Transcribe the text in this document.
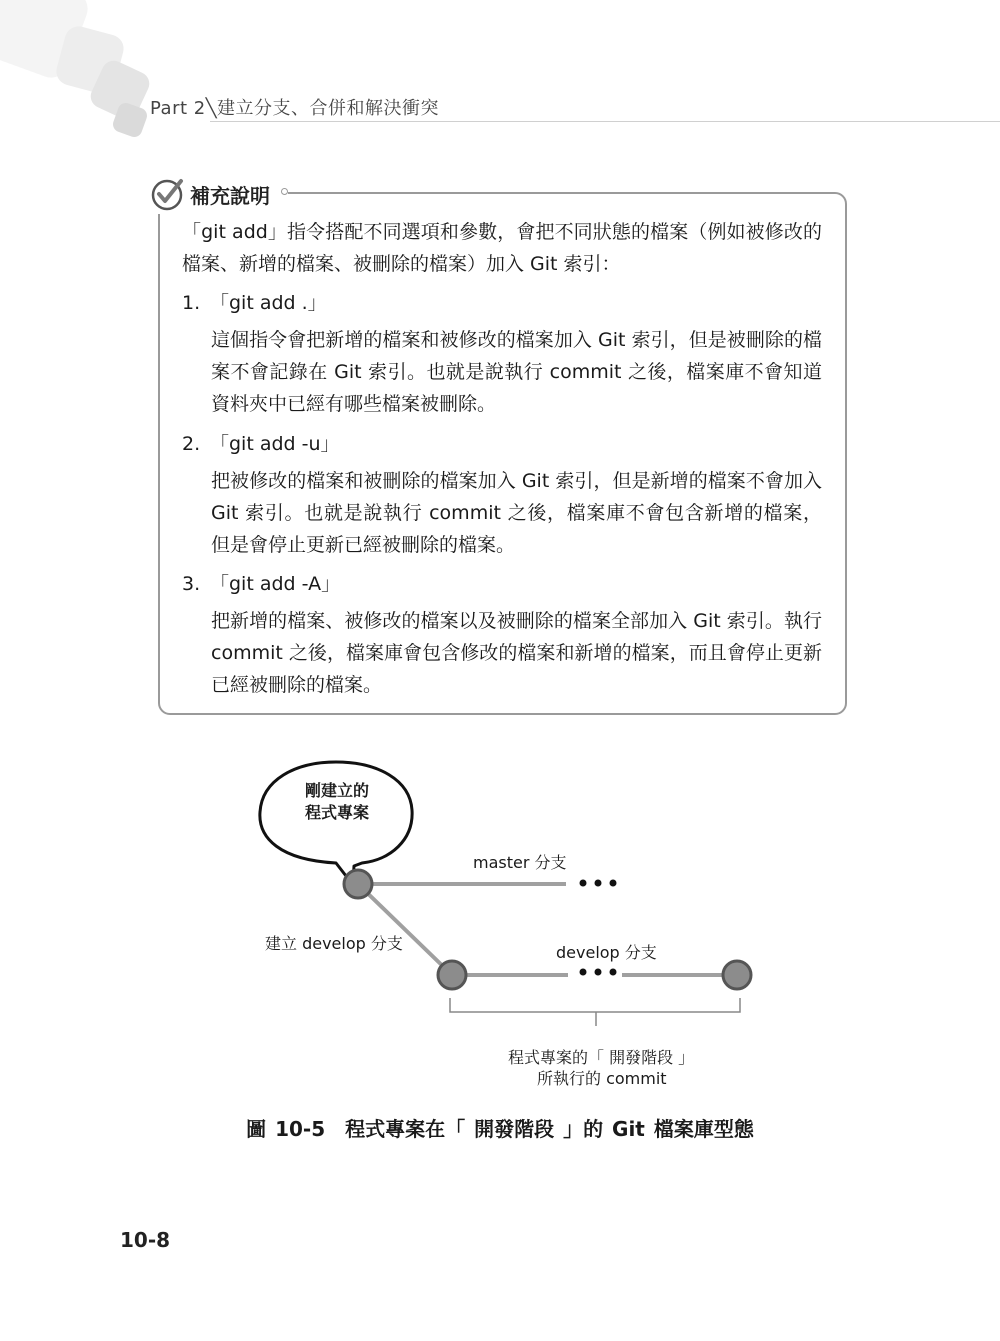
Part 2╲建立分支、合併和解決衝突
補充說明
「git add」指令搭配不同選項和參數，會把不同狀態的檔案（例如被修改的檔案、新增的檔案、被刪除的檔案）加入 Git 索引：
1. 「git add .」
這個指令會把新增的檔案和被修改的檔案加入 Git 索引，但是被刪除的檔案不會記錄在 Git 索引。也就是說執行 commit 之後，檔案庫不會知道資料夾中已經有哪些檔案被刪除。
2. 「git add -u」
把被修改的檔案和被刪除的檔案加入 Git 索引，但是新增的檔案不會加入 Git 索引。也就是說執行 commit 之後，檔案庫不會包含新增的檔案，但是會停止更新已經被刪除的檔案。
3. 「git add -A」
把新增的檔案、被修改的檔案以及被刪除的檔案全部加入 Git 索引。執行 commit 之後，檔案庫會包含修改的檔案和新增的檔案，而且會停止更新已經被刪除的檔案。
剛建立的
程式專案
master 分支
建立 develop 分支	develop 分支
程式專案的「 開發階段 」
所執行的 commit
圖 10-5　程式專案在「 開發階段 」的 Git 檔案庫型態
10-8
